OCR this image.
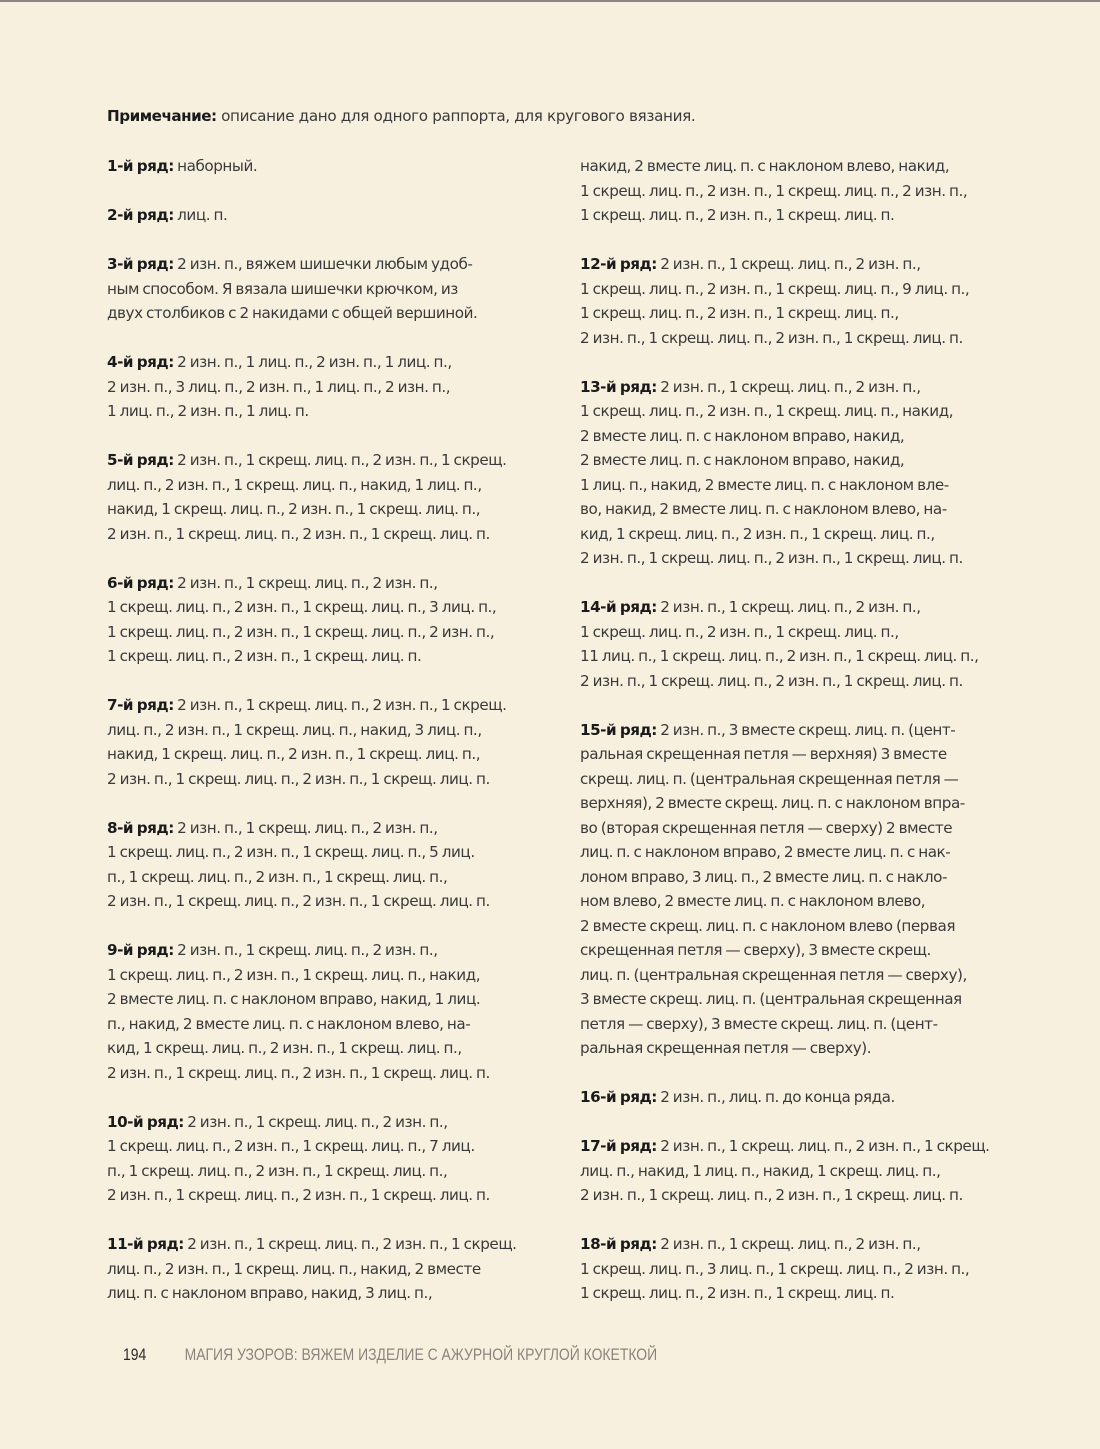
Примечание: описание дано для одного раппорта, для кругового вязания.
1-й ряд: наборный.
2-й ряд: лиц. п.
3-й ряд: 2 изн. п., вяжем шишечки любым удоб-
ным способом. Я вязала шишечки крючком, из
двух столбиков с 2 накидами с общей вершиной.
4-й ряд: 2 изн. п., 1 лиц. п., 2 изн. п., 1 лиц. п.,
2 изн. п., 3 лиц. п., 2 изн. п., 1 лиц. п., 2 изн. п.,
1 лиц. п., 2 изн. п., 1 лиц. п.
5-й ряд: 2 изн. п., 1 скрещ. лиц. п., 2 изн. п., 1 скрещ.
лиц. п., 2 изн. п., 1 скрещ. лиц. п., накид, 1 лиц. п.,
накид, 1 скрещ. лиц. п., 2 изн. п., 1 скрещ. лиц. п.,
2 изн. п., 1 скрещ. лиц. п., 2 изн. п., 1 скрещ. лиц. п.
6-й ряд: 2 изн. п., 1 скрещ. лиц. п., 2 изн. п.,
1 скрещ. лиц. п., 2 изн. п., 1 скрещ. лиц. п., 3 лиц. п.,
1 скрещ. лиц. п., 2 изн. п., 1 скрещ. лиц. п., 2 изн. п.,
1 скрещ. лиц. п., 2 изн. п., 1 скрещ. лиц. п.
7-й ряд: 2 изн. п., 1 скрещ. лиц. п., 2 изн. п., 1 скрещ.
лиц. п., 2 изн. п., 1 скрещ. лиц. п., накид, 3 лиц. п.,
накид, 1 скрещ. лиц. п., 2 изн. п., 1 скрещ. лиц. п.,
2 изн. п., 1 скрещ. лиц. п., 2 изн. п., 1 скрещ. лиц. п.
8-й ряд: 2 изн. п., 1 скрещ. лиц. п., 2 изн. п.,
1 скрещ. лиц. п., 2 изн. п., 1 скрещ. лиц. п., 5 лиц.
п., 1 скрещ. лиц. п., 2 изн. п., 1 скрещ. лиц. п.,
2 изн. п., 1 скрещ. лиц. п., 2 изн. п., 1 скрещ. лиц. п.
9-й ряд: 2 изн. п., 1 скрещ. лиц. п., 2 изн. п.,
1 скрещ. лиц. п., 2 изн. п., 1 скрещ. лиц. п., накид,
2 вместе лиц. п. с наклоном вправо, накид, 1 лиц.
п., накид, 2 вместе лиц. п. с наклоном влево, на-
кид, 1 скрещ. лиц. п., 2 изн. п., 1 скрещ. лиц. п.,
2 изн. п., 1 скрещ. лиц. п., 2 изн. п., 1 скрещ. лиц. п.
10-й ряд: 2 изн. п., 1 скрещ. лиц. п., 2 изн. п.,
1 скрещ. лиц. п., 2 изн. п., 1 скрещ. лиц. п., 7 лиц.
п., 1 скрещ. лиц. п., 2 изн. п., 1 скрещ. лиц. п.,
2 изн. п., 1 скрещ. лиц. п., 2 изн. п., 1 скрещ. лиц. п.
11-й ряд: 2 изн. п., 1 скрещ. лиц. п., 2 изн. п., 1 скрещ.
лиц. п., 2 изн. п., 1 скрещ. лиц. п., накид, 2 вместе
лиц. п. с наклоном вправо, накид, 3 лиц. п.,
накид, 2 вместе лиц. п. с наклоном влево, накид,
1 скрещ. лиц. п., 2 изн. п., 1 скрещ. лиц. п., 2 изн. п.,
1 скрещ. лиц. п., 2 изн. п., 1 скрещ. лиц. п.
12-й ряд: 2 изн. п., 1 скрещ. лиц. п., 2 изн. п.,
1 скрещ. лиц. п., 2 изн. п., 1 скрещ. лиц. п., 9 лиц. п.,
1 скрещ. лиц. п., 2 изн. п., 1 скрещ. лиц. п.,
2 изн. п., 1 скрещ. лиц. п., 2 изн. п., 1 скрещ. лиц. п.
13-й ряд: 2 изн. п., 1 скрещ. лиц. п., 2 изн. п.,
1 скрещ. лиц. п., 2 изн. п., 1 скрещ. лиц. п., накид,
2 вместе лиц. п. с наклоном вправо, накид,
2 вместе лиц. п. с наклоном вправо, накид,
1 лиц. п., накид, 2 вместе лиц. п. с наклоном вле-
во, накид, 2 вместе лиц. п. с наклоном влево, на-
кид, 1 скрещ. лиц. п., 2 изн. п., 1 скрещ. лиц. п.,
2 изн. п., 1 скрещ. лиц. п., 2 изн. п., 1 скрещ. лиц. п.
14-й ряд: 2 изн. п., 1 скрещ. лиц. п., 2 изн. п.,
1 скрещ. лиц. п., 2 изн. п., 1 скрещ. лиц. п.,
11 лиц. п., 1 скрещ. лиц. п., 2 изн. п., 1 скрещ. лиц. п.,
2 изн. п., 1 скрещ. лиц. п., 2 изн. п., 1 скрещ. лиц. п.
15-й ряд: 2 изн. п., 3 вместе скрещ. лиц. п. (цент-
ральная скрещенная петля — верхняя) 3 вместе
скрещ. лиц. п. (центральная скрещенная петля —
верхняя), 2 вместе скрещ. лиц. п. с наклоном впра-
во (вторая скрещенная петля — сверху) 2 вместе
лиц. п. с наклоном вправо, 2 вместе лиц. п. с нак-
лоном вправо, 3 лиц. п., 2 вместе лиц. п. с накло-
ном влево, 2 вместе лиц. п. с наклоном влево,
2 вместе скрещ. лиц. п. с наклоном влево (первая
скрещенная петля — сверху), 3 вместе скрещ.
лиц. п. (центральная скрещенная петля — сверху),
3 вместе скрещ. лиц. п. (центральная скрещенная
петля — сверху), 3 вместе скрещ. лиц. п. (цент-
ральная скрещенная петля — сверху).
16-й ряд: 2 изн. п., лиц. п. до конца ряда.
17-й ряд: 2 изн. п., 1 скрещ. лиц. п., 2 изн. п., 1 скрещ.
лиц. п., накид, 1 лиц. п., накид, 1 скрещ. лиц. п.,
2 изн. п., 1 скрещ. лиц. п., 2 изн. п., 1 скрещ. лиц. п.
18-й ряд: 2 изн. п., 1 скрещ. лиц. п., 2 изн. п.,
1 скрещ. лиц. п., 3 лиц. п., 1 скрещ. лиц. п., 2 изн. п.,
1 скрещ. лиц. п., 2 изн. п., 1 скрещ. лиц. п.
194 МАГИЯ УЗОРОВ: ВЯЖЕМ ИЗДЕЛИЕ С АЖУРНОЙ КРУГЛОЙ КОКЕТКОЙ
